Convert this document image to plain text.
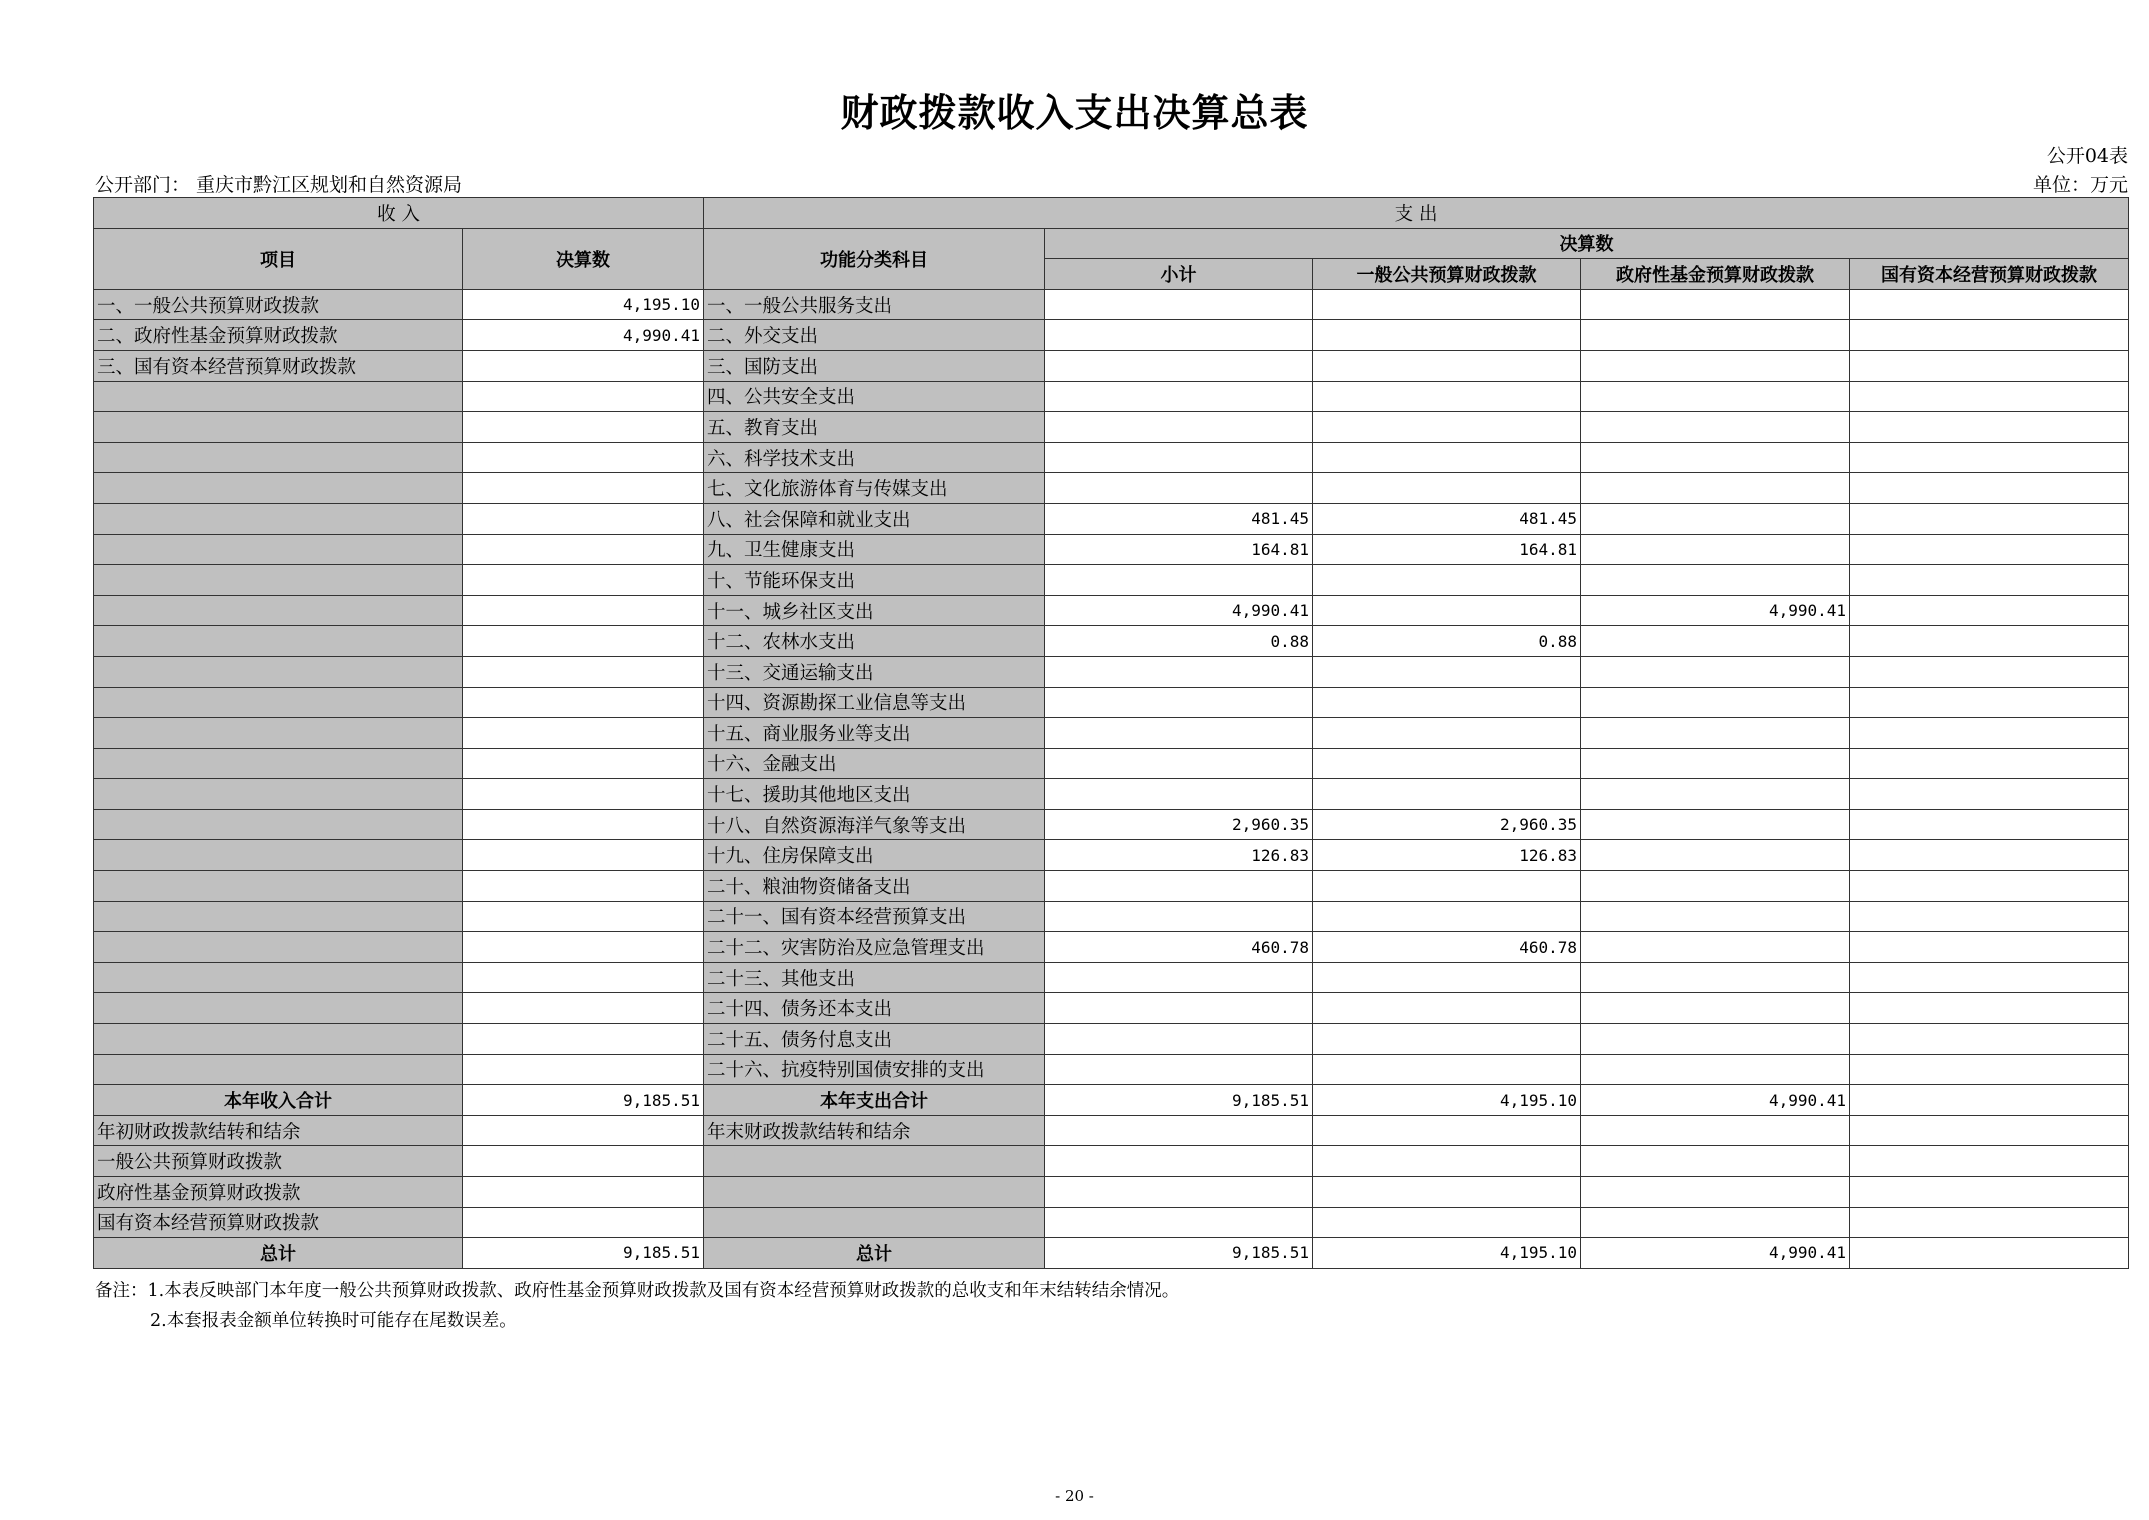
财政拨款收入支出决算总表
公开04表
公开部门： 重庆市黔江区规划和自然资源局	单位：万元
收 入		支 出				
项目	决算数	功能分类科目	决算数			
			小计	一般公共预算财政拨款	政府性基金预算财政拨款	国有资本经营预算财政拨款
一、一般公共预算财政拨款	4,195.10	一、一般公共服务支出				
二、政府性基金预算财政拨款	4,990.41	二、外交支出				
三、国有资本经营预算财政拨款		三、国防支出				
		四、公共安全支出				
		五、教育支出				
		六、科学技术支出				
		七、文化旅游体育与传媒支出				
		八、社会保障和就业支出	481.45	481.45		
		九、卫生健康支出	164.81	164.81		
		十、节能环保支出				
		十一、城乡社区支出	4,990.41		4,990.41	
		十二、农林水支出	0.88	0.88		
		十三、交通运输支出				
		十四、资源勘探工业信息等支出				
		十五、商业服务业等支出				
		十六、金融支出				
		十七、援助其他地区支出				
		十八、自然资源海洋气象等支出	2,960.35	2,960.35		
		十九、住房保障支出	126.83	126.83		
		二十、粮油物资储备支出				
		二十一、国有资本经营预算支出				
		二十二、灾害防治及应急管理支出	460.78	460.78		
		二十三、其他支出				
		二十四、债务还本支出				
		二十五、债务付息支出				
		二十六、抗疫特别国债安排的支出				
本年收入合计	9,185.51	本年支出合计	9,185.51	4,195.10	4,990.41	
年初财政拨款结转和结余		年末财政拨款结转和结余				
一般公共预算财政拨款						
政府性基金预算财政拨款						
国有资本经营预算财政拨款						
总计	9,185.51	总计	9,185.51	4,195.10	4,990.41	
备注：1.本表反映部门本年度一般公共预算财政拨款、政府性基金预算财政拨款及国有资本经营预算财政拨款的总收支和年末结转结余情况。
2.本套报表金额单位转换时可能存在尾数误差。
- 20 -
